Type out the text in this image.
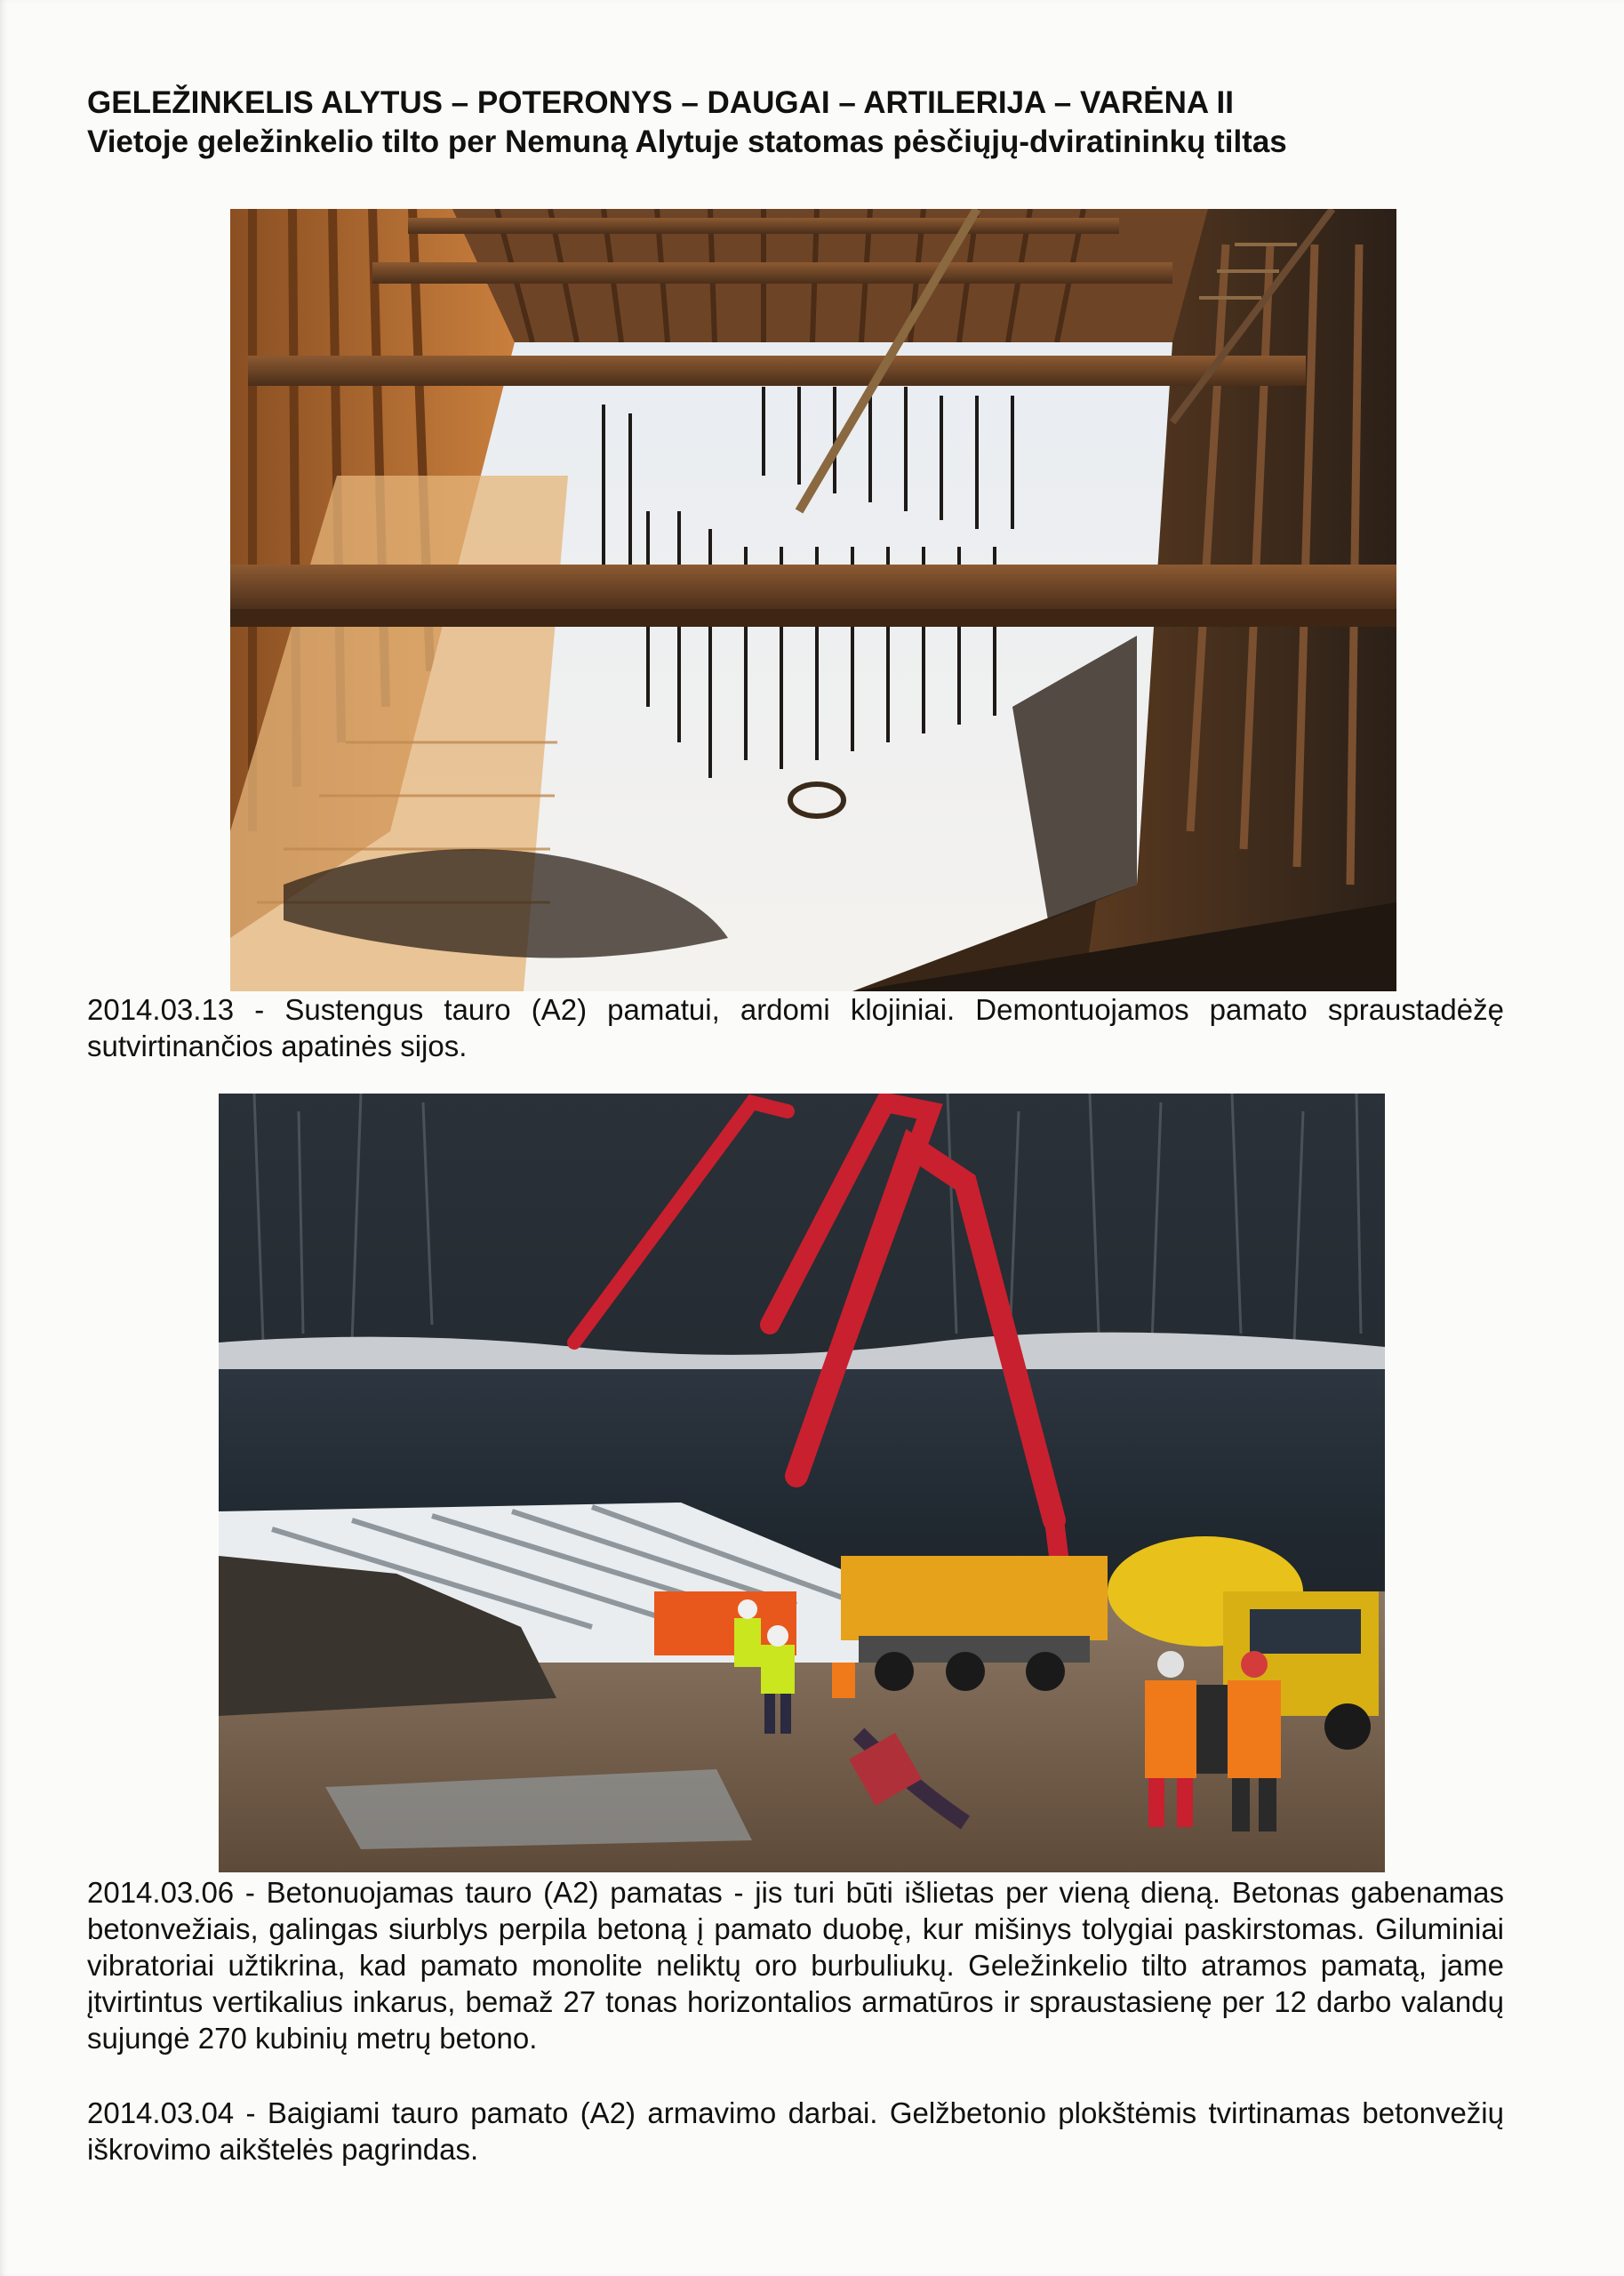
GELEŽINKELIS ALYTUS – POTERONYS – DAUGAI – ARTILERIJA – VARĖNA II
Vietoje geležinkelio tilto per Nemuną Alytuje statomas pėsčiųjų-dviratininkų tiltas
2014.03.13 - Sustengus tauro (A2) pamatui, ardomi klojiniai. Demontuojamos pamato spraustadėžę sutvirtinančios apatinės sijos.
2014.03.06 - Betonuojamas tauro (A2) pamatas - jis turi būti išlietas per vieną dieną. Betonas gabenamas betonvežiais, galingas siurblys perpila betoną į pamato duobę, kur mišinys tolygiai paskirstomas. Giluminiai vibratoriai užtikrina, kad pamato monolite neliktų oro burbuliukų. Geležinkelio tilto atramos pamatą, jame įtvirtintus vertikalius inkarus, bemaž 27 tonas horizontalios armatūros ir spraustasienę per 12 darbo valandų sujungė 270 kubinių metrų betono.
2014.03.04 - Baigiami tauro pamato (A2) armavimo darbai. Gelžbetonio plokštėmis tvirtinamas betonvežių iškrovimo aikštelės pagrindas.
